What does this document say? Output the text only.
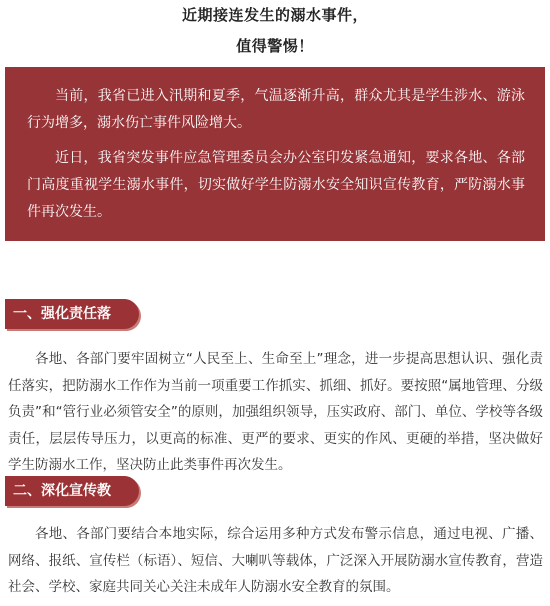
近期接连发生的溺水事件，
值得警惕！

当前，我省已进入汛期和夏季，气温逐渐升高，群众尤其是学生涉水、游泳行为增多，溺水伤亡事件风险增大。

近日，我省突发事件应急管理委员会办公室印发紧急通知，要求各地、各部门高度重视学生溺水事件，切实做好学生防溺水安全知识宣传教育，严防溺水事件再次发生。

一、强化责任落实

各地、各部门要牢固树立“人民至上、生命至上”理念，进一步提高思想认识、强化责任落实，把防溺水工作作为当前一项重要工作抓实、抓细、抓好。要按照“属地管理、分级负责”和“管行业必须管安全”的原则，加强组织领导，压实政府、部门、单位、学校等各级责任，层层传导压力，以更高的标准、更严的要求、更实的作风、更硬的举措，坚决做好学生防溺水工作，坚决防止此类事件再次发生。

二、深化宣传教育

各地、各部门要结合本地实际，综合运用多种方式发布警示信息，通过电视、广播、网络、报纸、宣传栏（标语）、短信、大喇叭等载体，广泛深入开展防溺水宣传教育，营造社会、学校、家庭共同关心关注未成年人防溺水安全教育的氛围。
